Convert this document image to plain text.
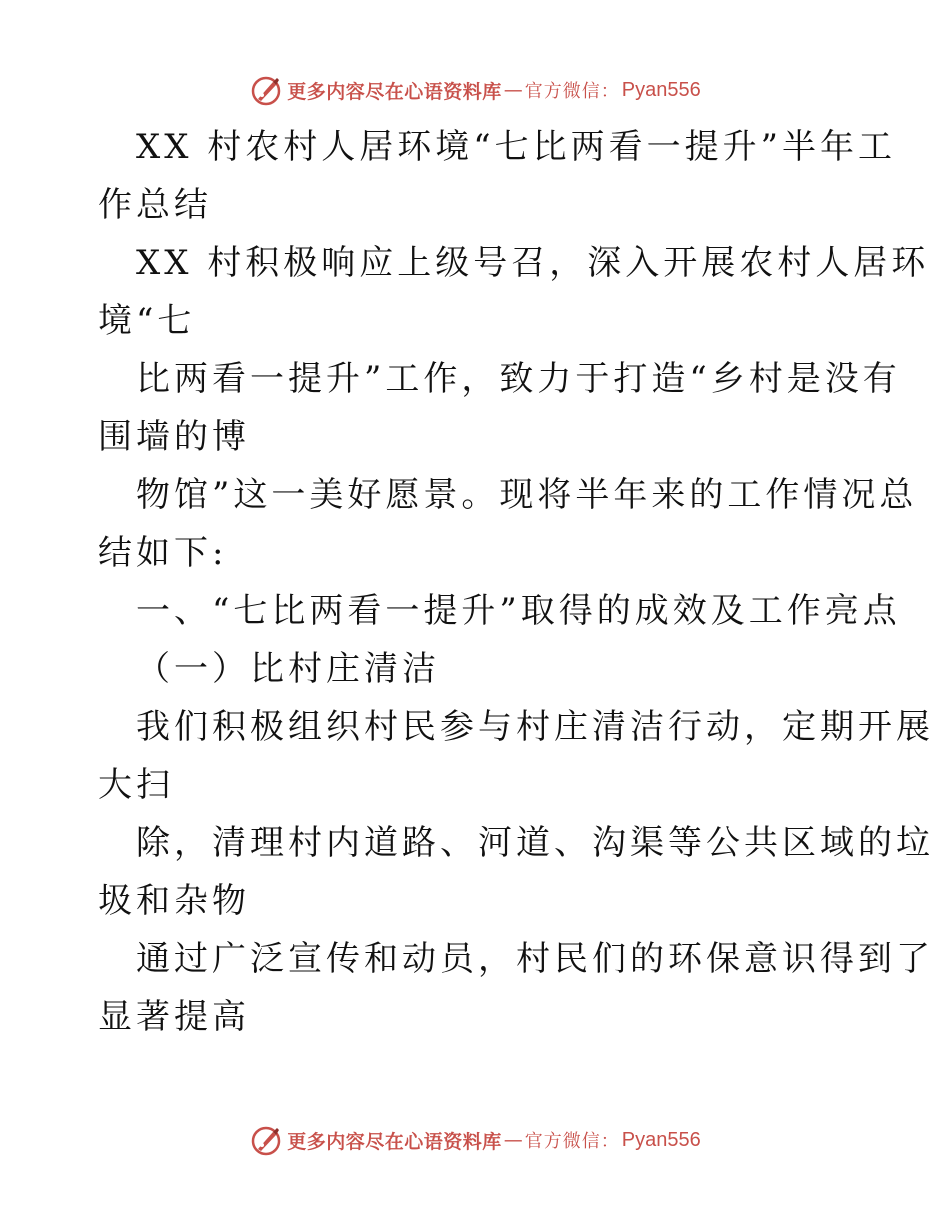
更多内容尽在心语资料库 — 官方微信： Pyan556
XX 村农村人居环境“七比两看一提升”半年工
作总结
XX 村积极响应上级号召，深入开展农村人居环
境“七
比两看一提升”工作，致力于打造“乡村是没有
围墙的博
物馆”这一美好愿景。现将半年来的工作情况总
结如下:
一、“七比两看一提升”取得的成效及工作亮点
（一）比村庄清洁
我们积极组织村民参与村庄清洁行动，定期开展
大扫
除，清理村内道路、河道、沟渠等公共区域的垃
圾和杂物
通过广泛宣传和动员，村民们的环保意识得到了
显著提高
更多内容尽在心语资料库 — 官方微信： Pyan556
